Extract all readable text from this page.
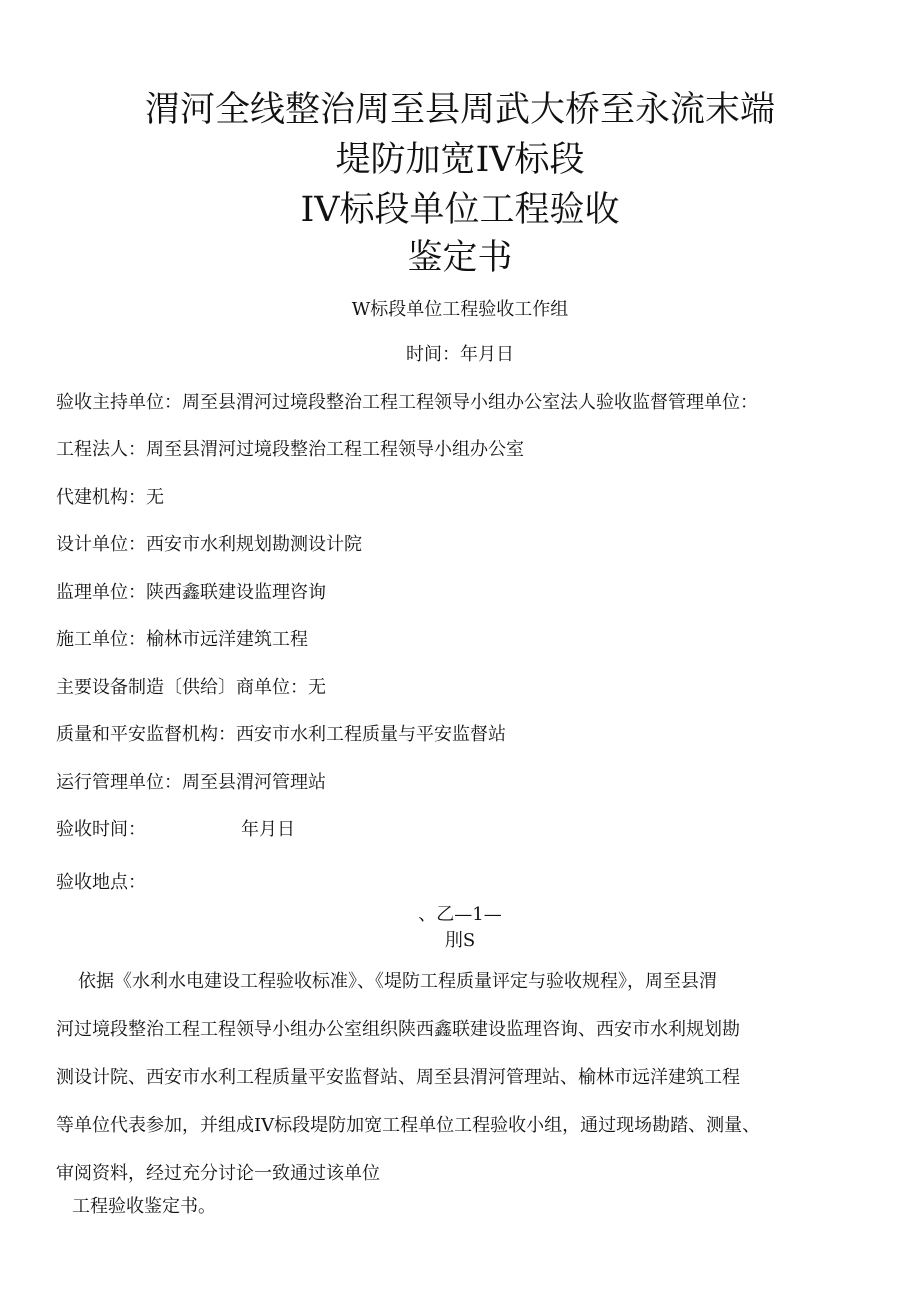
渭河全线整治周至县周武大桥至永流末端
堤防加宽IV标段
IV标段单位工程验收
鉴定书
W标段单位工程验收工作组
时间：年月日
验收主持单位：周至县渭河过境段整治工程工程领导小组办公室法人验收监督管理单位：
工程法人：周至县渭河过境段整治工程工程领导小组办公室
代建机构：无
设计单位：西安市水利规划勘测设计院
监理单位：陕西鑫联建设监理咨询
施工单位：榆林市远洋建筑工程
主要设备制造〔供给〕商单位：无
质量和平安监督机构：西安市水利工程质量与平安监督站
运行管理单位：周至县渭河管理站
验收时间：	年月日
验收地点：
、乙—1—
刖S
依据《水利水电建设工程验收标准》、《堤防工程质量评定与验收规程》，周至县渭
河过境段整治工程工程领导小组办公室组织陕西鑫联建设监理咨询、西安市水利规划勘
测设计院、西安市水利工程质量平安监督站、周至县渭河管理站、榆林市远洋建筑工程
等单位代表参加，并组成IV标段堤防加宽工程单位工程验收小组，通过现场勘踏、测量、
审阅资料，经过充分讨论一致通过该单位
工程验收鉴定书。
